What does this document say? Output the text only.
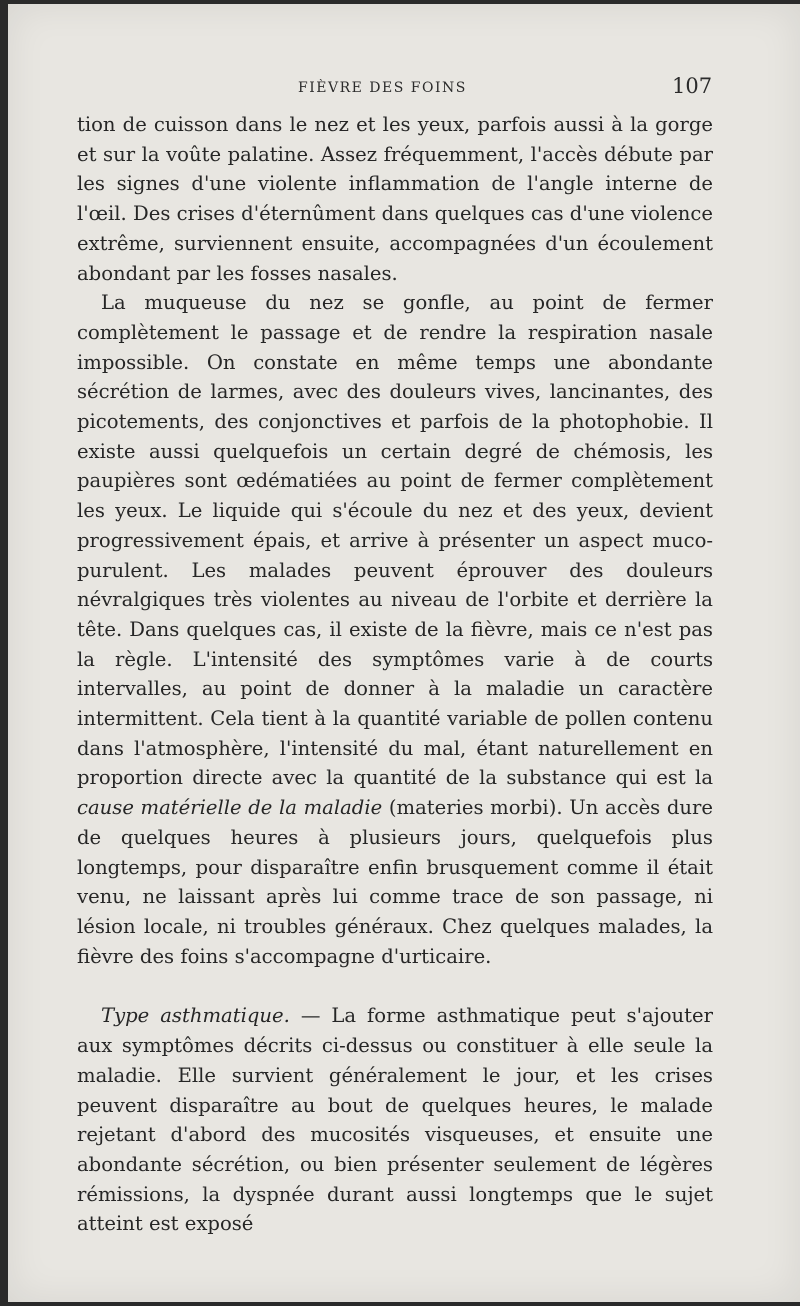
FIÈVRE DES FOINS	107

tion de cuisson dans le nez et les yeux, parfois aussi à la gorge et sur la voûte palatine. Assez fréquemment, l'accès débute par les signes d'une violente inflammation de l'angle interne de l'œil. Des crises d'éternûment dans quelques cas d'une violence extrême, surviennent ensuite, accompagnées d'un écoulement abondant par les fosses nasales.

La muqueuse du nez se gonfle, au point de fermer complètement le passage et de rendre la respiration nasale impossible. On constate en même temps une abondante sécrétion de larmes, avec des douleurs vives, lancinantes, des picotements, des conjonctives et parfois de la photophobie. Il existe aussi quelquefois un certain degré de chémosis, les paupières sont œdématiées au point de fermer complètement les yeux. Le liquide qui s'écoule du nez et des yeux, devient progressivement épais, et arrive à présenter un aspect muco-purulent. Les malades peuvent éprouver des douleurs névralgiques très violentes au niveau de l'orbite et derrière la tête. Dans quelques cas, il existe de la fièvre, mais ce n'est pas la règle. L'intensité des symptômes varie à de courts intervalles, au point de donner à la maladie un caractère intermittent. Cela tient à la quantité variable de pollen contenu dans l'atmosphère, l'intensité du mal, étant naturellement en proportion directe avec la quantité de la substance qui est la cause matérielle de la maladie (materies morbi). Un accès dure de quelques heures à plusieurs jours, quelquefois plus longtemps, pour disparaître enfin brusquement comme il était venu, ne laissant après lui comme trace de son passage, ni lésion locale, ni troubles généraux. Chez quelques malades, la fièvre des foins s'accompagne d'urticaire.

Type asthmatique. — La forme asthmatique peut s'ajouter aux symptômes décrits ci-dessus ou constituer à elle seule la maladie. Elle survient généralement le jour, et les crises peuvent disparaître au bout de quelques heures, le malade rejetant d'abord des mucosités visqueuses, et ensuite une abondante sécrétion, ou bien présenter seulement de légères rémissions, la dyspnée durant aussi longtemps que le sujet atteint est exposé
